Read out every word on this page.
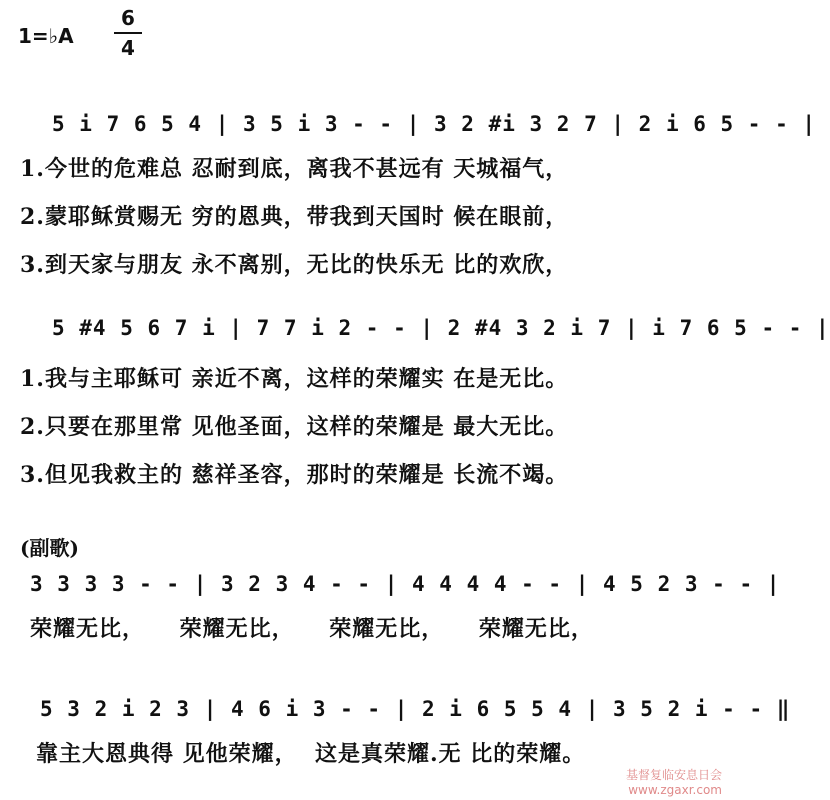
1=♭A
6
4
5 i 7 6 5 4 | 3 5 i 3 - - | 3 2 #i 3 2 7 | 2 i 6 5 - - |
1.今世的危难总 忍耐到底，离我不甚远有 天城福气，
2.蒙耶稣赏赐无 穷的恩典，带我到天国时 候在眼前，
3.到天家与朋友 永不离别，无比的快乐无 比的欢欣，
5 #4 5 6 7 i | 7 7 i 2 - - | 2 #4 3 2 i 7 | i 7 6 5 - - |
1.我与主耶稣可 亲近不离，这样的荣耀实 在是无比。
2.只要在那里常 见他圣面，这样的荣耀是 最大无比。
3.但见我救主的 慈祥圣容，那时的荣耀是 长流不竭。
(副歌)
3 3 3 3 - - | 3 2 3 4 - - | 4 4 4 4 - - | 4 5 2 3 - - |
荣耀无比，    荣耀无比，    荣耀无比，    荣耀无比，
5 3 2 i 2 3 | 4 6 i 3 - - | 2 i 6 5 5 4 | 3 5 2 i - - ‖
靠主大恩典得 见他荣耀，  这是真荣耀.无 比的荣耀。
基督复临安息日会
www.zgaxr.com
